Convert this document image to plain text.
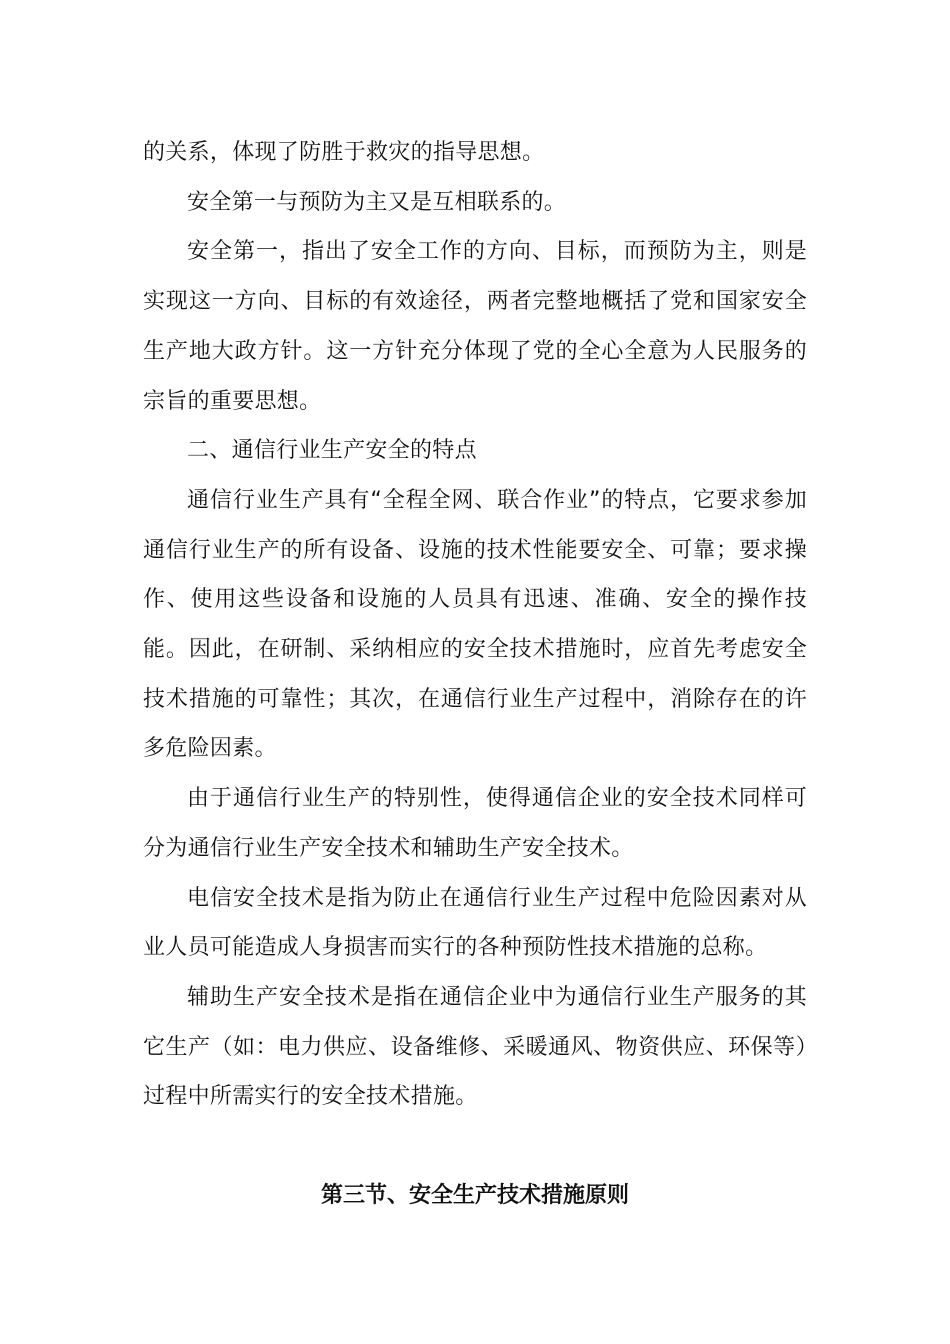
的关系，体现了防胜于救灾的指导思想。

安全第一与预防为主又是互相联系的。

安全第一，指出了安全工作的方向、目标，而预防为主，则是实现这一方向、目标的有效途径，两者完整地概括了党和国家安全生产地大政方针。这一方针充分体现了党的全心全意为人民服务的宗旨的重要思想。

二、通信行业生产安全的特点

通信行业生产具有“全程全网、联合作业”的特点，它要求参加通信行业生产的所有设备、设施的技术性能要安全、可靠；要求操作、使用这些设备和设施的人员具有迅速、准确、安全的操作技能。因此，在研制、采纳相应的安全技术措施时，应首先考虑安全技术措施的可靠性；其次，在通信行业生产过程中，消除存在的许多危险因素。

由于通信行业生产的特别性，使得通信企业的安全技术同样可分为通信行业生产安全技术和辅助生产安全技术。

电信安全技术是指为防止在通信行业生产过程中危险因素对从业人员可能造成人身损害而实行的各种预防性技术措施的总称。

辅助生产安全技术是指在通信企业中为通信行业生产服务的其它生产（如：电力供应、设备维修、采暖通风、物资供应、环保等）过程中所需实行的安全技术措施。

第三节、安全生产技术措施原则
